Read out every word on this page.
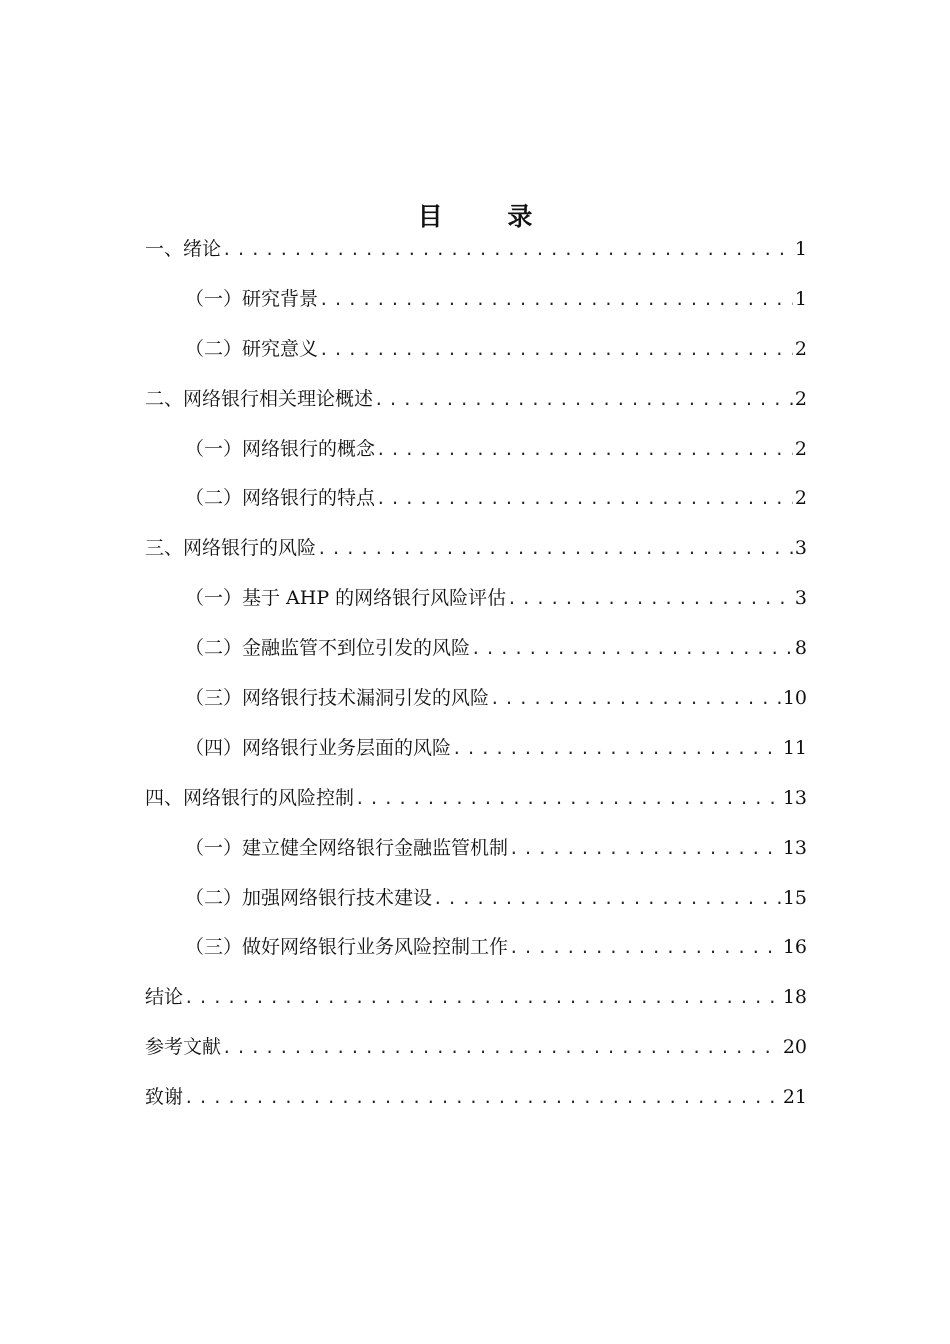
目 录
一、绪论 .....	1
（一）研究背景 .....	1
（二）研究意义 .....	2
二、网络银行相关理论概述 .....	2
（一）网络银行的概念 .....	2
（二）网络银行的特点 .....	2
三、网络银行的风险 .....	3
（一）基于 AHP 的网络银行风险评估 .....	3
（二）金融监管不到位引发的风险 .....	8
（三）网络银行技术漏洞引发的风险 .....	10
（四）网络银行业务层面的风险 .....	11
四、网络银行的风险控制 .....	13
（一）建立健全网络银行金融监管机制 .....	13
（二）加强网络银行技术建设 .....	15
（三）做好网络银行业务风险控制工作 .....	16
结论 .....	18
参考文献 .....	20
致谢 .....	21
